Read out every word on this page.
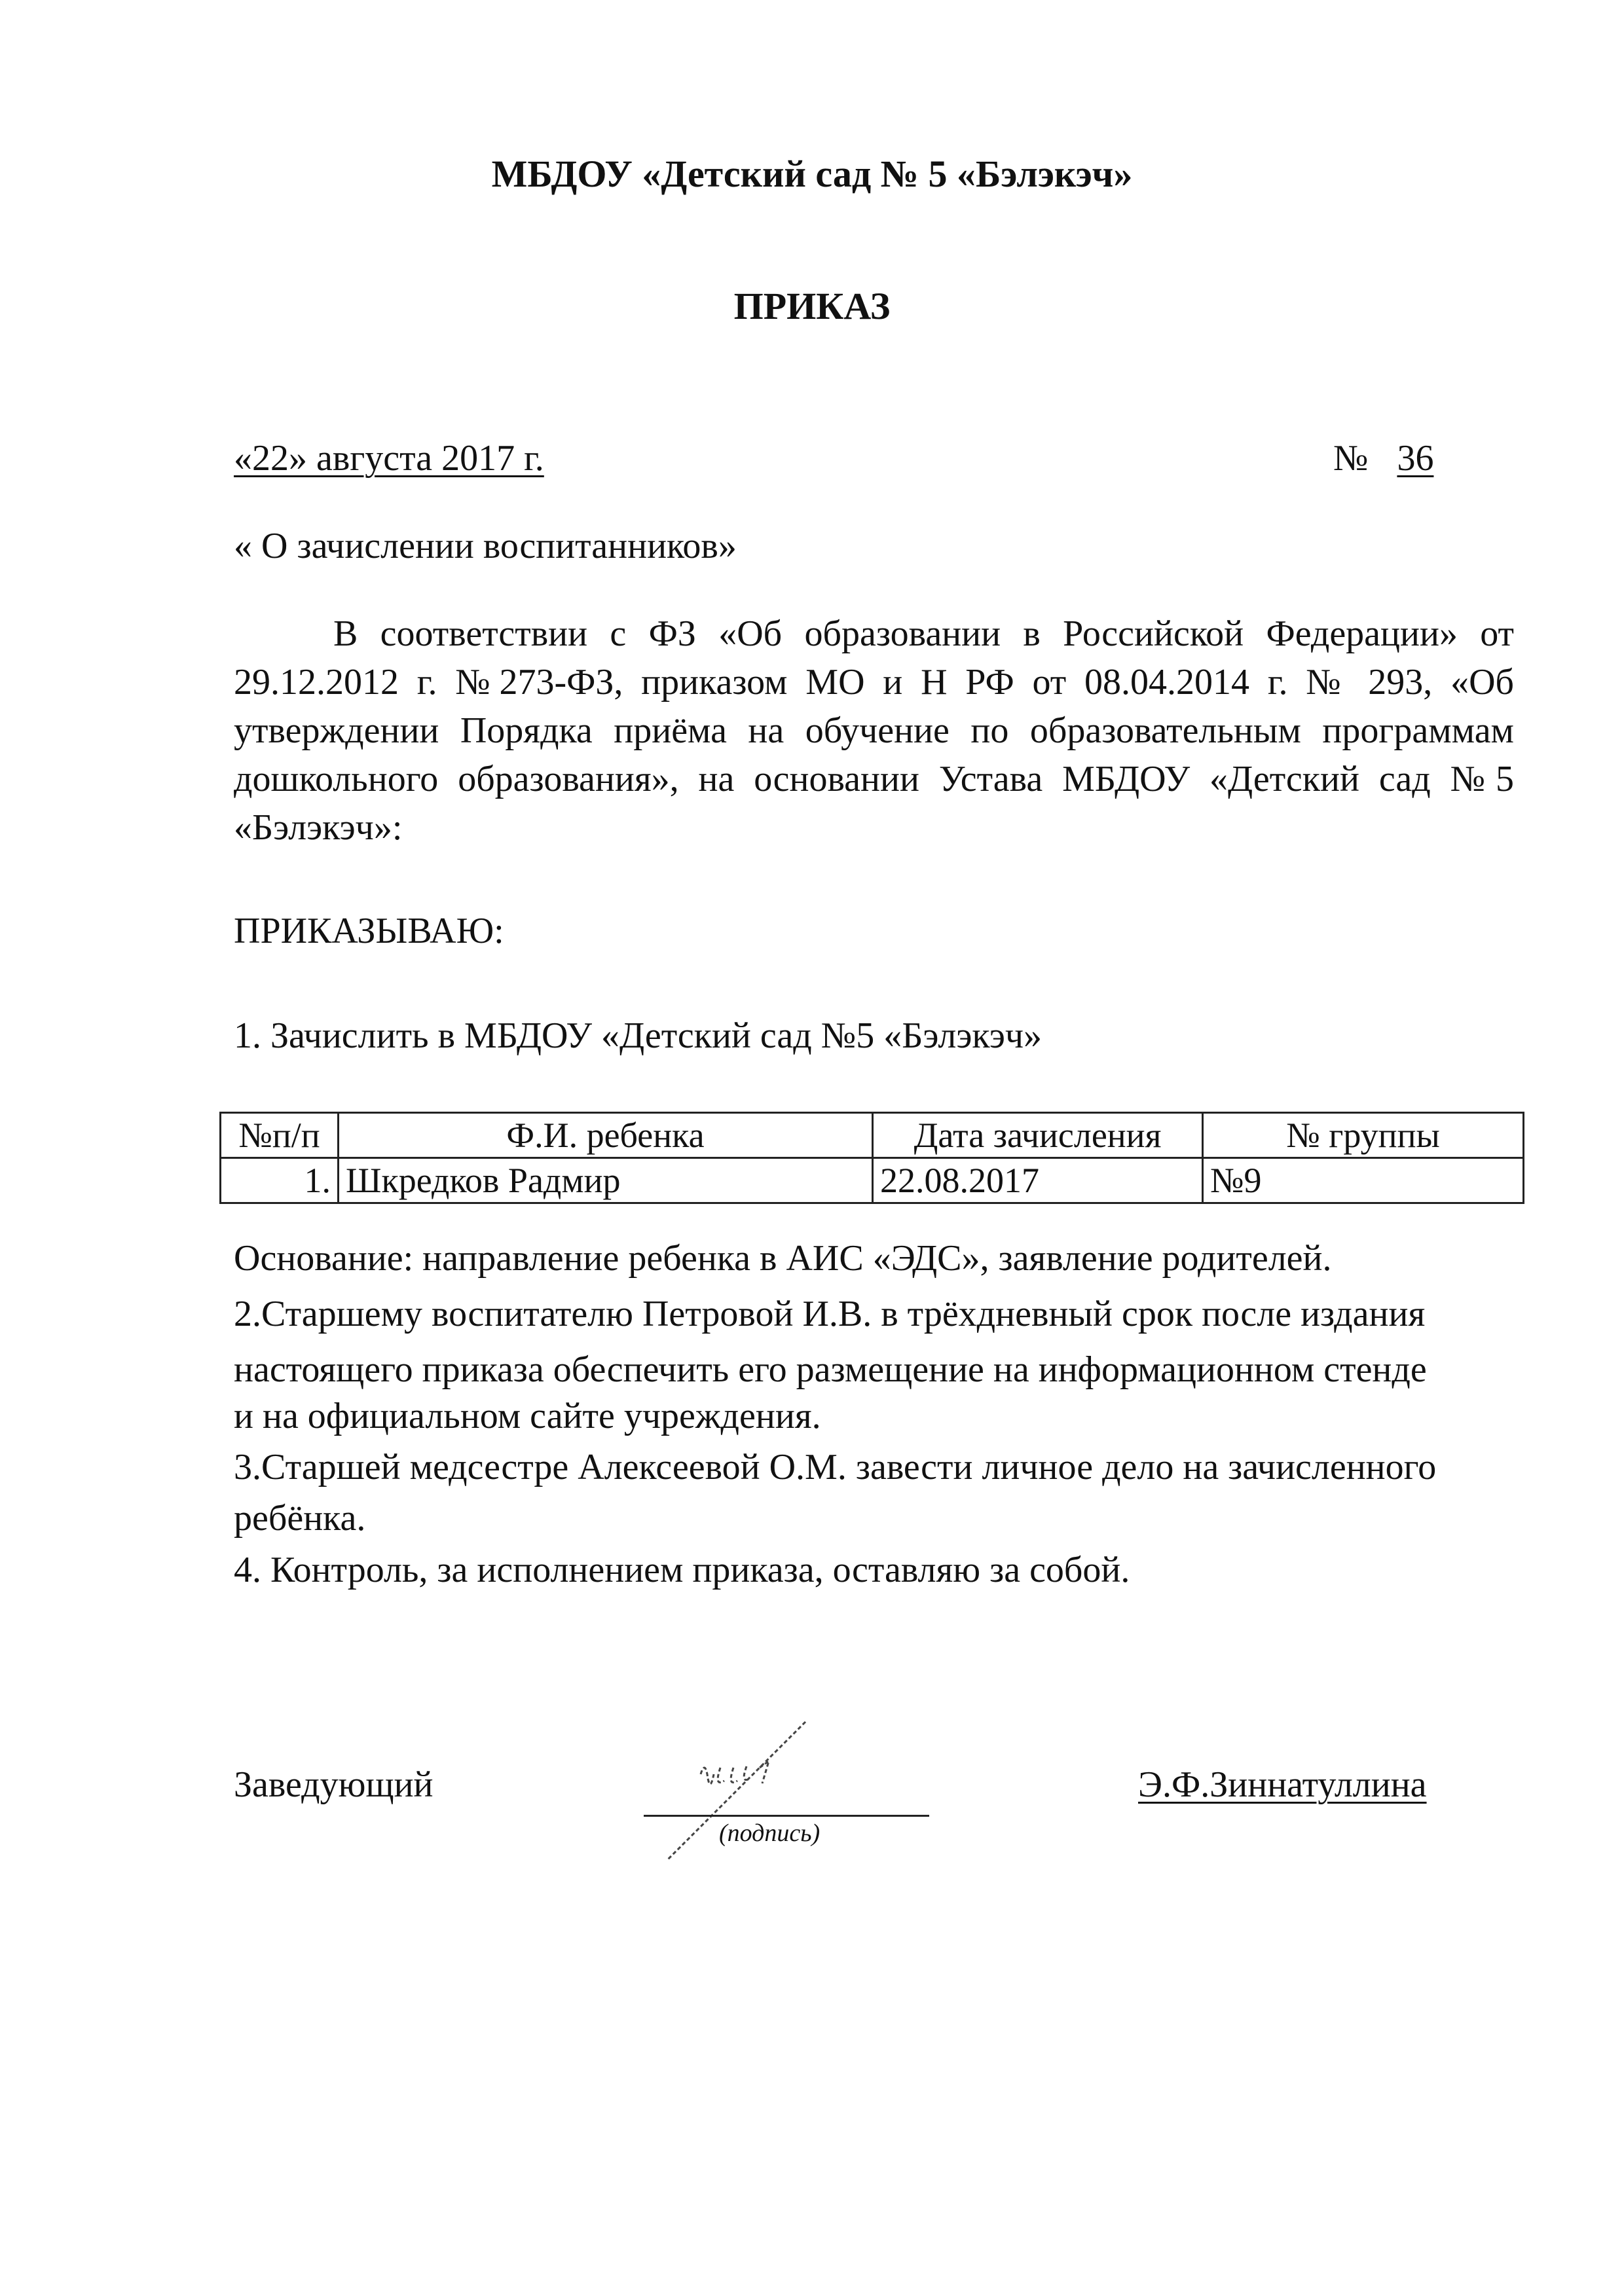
МБДОУ «Детский сад № 5 «Бэлэкэч»
ПРИКАЗ
«22» августа 2017 г.	№ 36
« О зачислении воспитанников»
В соответствии с ФЗ «Об образовании в Российской Федерации» от
29.12.2012 г. №273-ФЗ, приказом МО и Н РФ от 08.04.2014 г. № 293, «Об
утверждении Порядка приёма на обучение по образовательным программам
дошкольного образования», на основании Устава МБДОУ «Детский сад №5
«Бэлэкэч»:
ПРИКАЗЫВАЮ:
1. Зачислить в МБДОУ «Детский сад №5 «Бэлэкэч»
№п/п	Ф.И. ребенка	Дата зачисления	№ группы
1.	Шкредков Радмир	22.08.2017	№9
Основание: направление ребенка в АИС «ЭДС», заявление родителей.
2.Старшему воспитателю Петровой И.В. в трёхдневный срок после издания
настоящего приказа обеспечить его размещение на информационном стенде
и на официальном сайте учреждения.
3.Старшей медсестре Алексеевой О.М. завести личное дело на зачисленного
ребёнка.
4. Контроль, за исполнением приказа, оставляю за собой.
Заведующий
(подпись)
Э.Ф.Зиннатуллина
